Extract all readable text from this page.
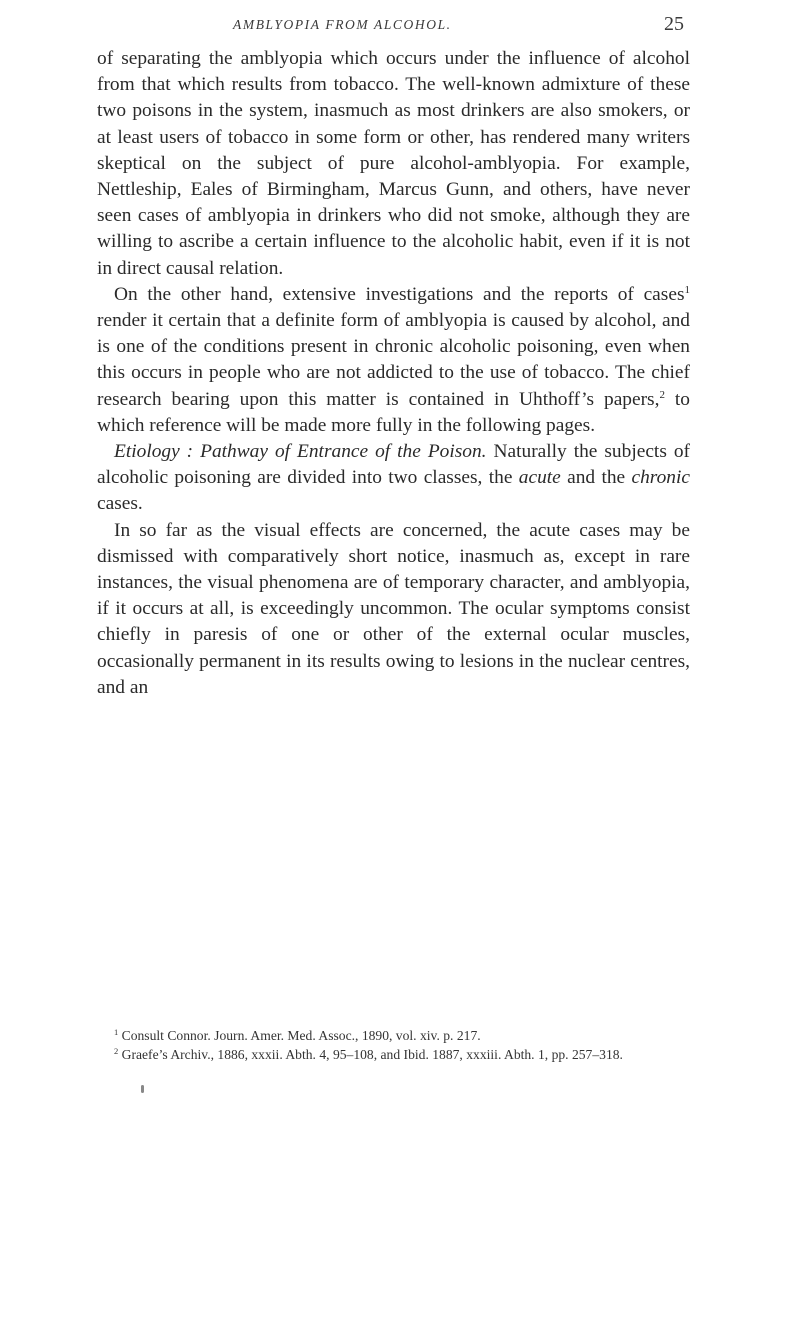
AMBLYOPIA FROM ALCOHOL.	25

of separating the amblyopia which occurs under the influence of alcohol from that which results from tobacco. The well-known admixture of these two poisons in the system, inasmuch as most drinkers are also smokers, or at least users of tobacco in some form or other, has rendered many writers skeptical on the subject of pure alcohol-amblyopia. For example, Nettleship, Eales of Birmingham, Marcus Gunn, and others, have never seen cases of amblyopia in drinkers who did not smoke, although they are willing to ascribe a certain influence to the alcoholic habit, even if it is not in direct causal relation.

On the other hand, extensive investigations and the reports of cases$^1$ render it certain that a definite form of amblyopia is caused by alcohol, and is one of the conditions present in chronic alcoholic poisoning, even when this occurs in people who are not addicted to the use of tobacco. The chief research bearing upon this matter is contained in Uhthoff’s papers,$^2$ to which reference will be made more fully in the following pages.

Etiology : Pathway of Entrance of the Poison. Naturally the subjects of alcoholic poisoning are divided into two classes, the acute and the chronic cases.

In so far as the visual effects are concerned, the acute cases may be dismissed with comparatively short notice, inasmuch as, except in rare instances, the visual phenomena are of temporary character, and amblyopia, if it occurs at all, is exceedingly uncommon. The ocular symptoms consist chiefly in paresis of one or other of the external ocular muscles, occasionally permanent in its results owing to lesions in the nuclear centres, and an

$^1$ Consult Connor. Journ. Amer. Med. Assoc., 1890, vol. xiv. p. 217.

$^2$ Graefe’s Archiv., 1886, xxxii. Abth. 4, 95–108, and Ibid. 1887, xxxiii. Abth. 1, pp. 257–318.
